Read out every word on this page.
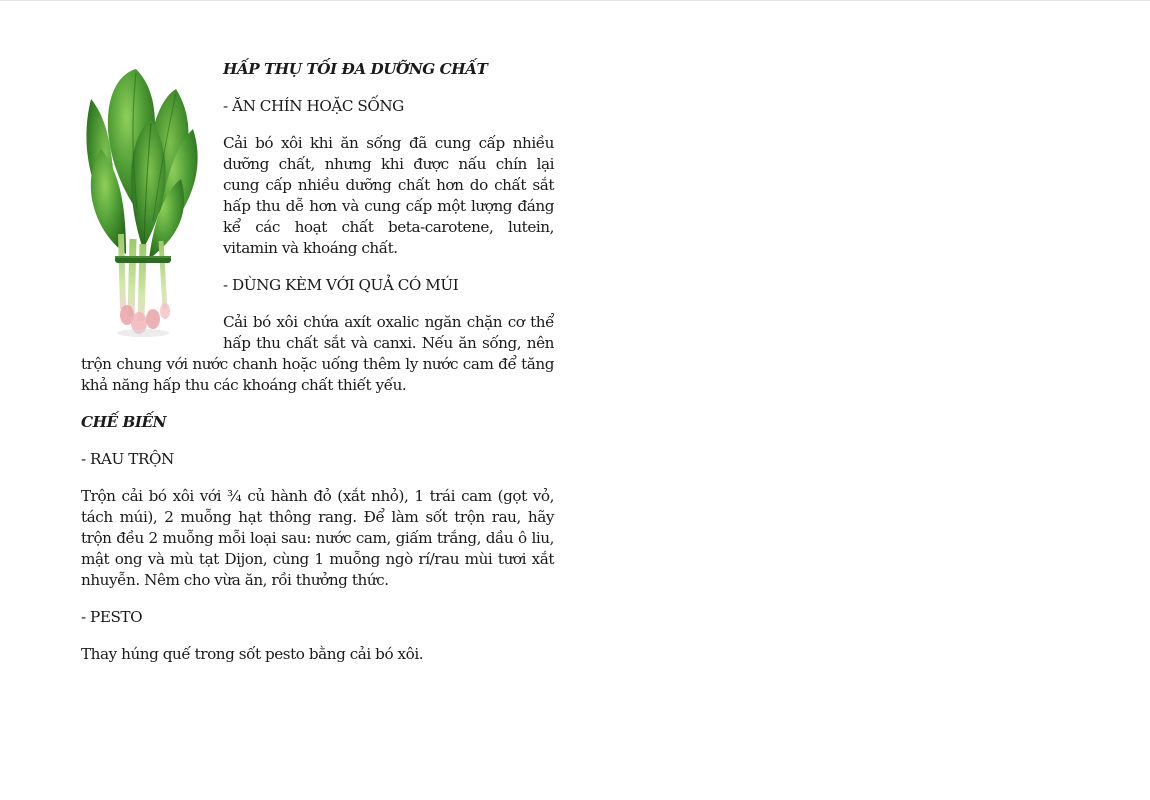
HẤP THỤ TỐI ĐA DƯỠNG CHẤT
- ĂN CHÍN HOẶC SỐNG
Cải bó xôi khi ăn sống đã cung cấp nhiều dưỡng chất, nhưng khi được nấu chín lại cung cấp nhiều dưỡng chất hơn do chất sắt hấp thu dễ hơn và cung cấp một lượng đáng kể các hoạt chất beta-carotene, lutein, vitamin và khoáng chất.
- DÙNG KÈM VỚI QUẢ CÓ MÚI
Cải bó xôi chứa axít oxalic ngăn chặn cơ thể hấp thu chất sắt và canxi. Nếu ăn sống, nên trộn chung với nước chanh hoặc uống thêm ly nước cam để tăng khả năng hấp thu các khoáng chất thiết yếu.
CHẾ BIẾN
- RAU TRỘN
Trộn cải bó xôi với ¾ củ hành đỏ (xắt nhỏ), 1 trái cam (gọt vỏ, tách múi), 2 muỗng hạt thông rang. Để làm sốt trộn rau, hãy trộn đều 2 muỗng mỗi loại sau: nước cam, giấm trắng, dầu ô liu, mật ong và mù tạt Dijon, cùng 1 muỗng ngò rí/rau mùi tươi xắt nhuyễn. Nêm cho vừa ăn, rồi thưởng thức.
- PESTO
Thay húng quế trong sốt pesto bằng cải bó xôi.
